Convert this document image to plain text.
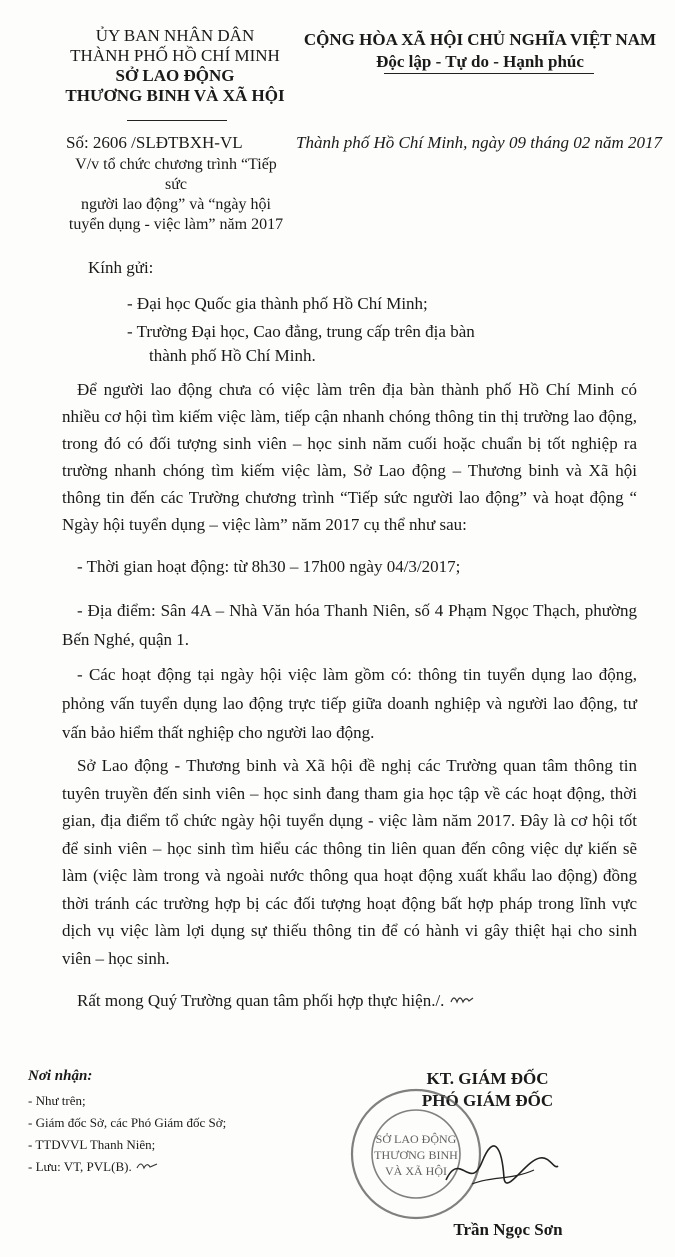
ỦY BAN NHÂN DÂN
THÀNH PHỐ HỒ CHÍ MINH
SỞ LAO ĐỘNG
THƯƠNG BINH VÀ XÃ HỘI
CỘNG HÒA XÃ HỘI CHỦ NGHĨA VIỆT NAM
Độc lập - Tự do - Hạnh phúc
Số: 2606 /SLĐTBXH-VL
V/v tổ chức chương trình “Tiếp sức
người lao động” và “ngày hội
tuyển dụng - việc làm” năm 2017
Thành phố Hồ Chí Minh, ngày 09 tháng 02 năm 2017
Kính gửi:

- Đại học Quốc gia thành phố Hồ Chí Minh;

- Trường Đại học, Cao đẳng, trung cấp trên địa bàn

thành phố Hồ Chí Minh.

Để người lao động chưa có việc làm trên địa bàn thành phố Hồ Chí Minh có nhiều cơ hội tìm kiếm việc làm, tiếp cận nhanh chóng thông tin thị trường lao động, trong đó có đối tượng sinh viên – học sinh năm cuối hoặc chuẩn bị tốt nghiệp ra trường nhanh chóng tìm kiếm việc làm, Sở Lao động – Thương binh và Xã hội thông tin đến các Trường chương trình “Tiếp sức người lao động” và hoạt động “ Ngày hội tuyển dụng – việc làm” năm 2017 cụ thể như sau:
- Thời gian hoạt động: từ 8h30 – 17h00 ngày 04/3/2017;
- Địa điểm: Sân 4A – Nhà Văn hóa Thanh Niên, số 4 Phạm Ngọc Thạch, phường Bến Nghé, quận 1.
- Các hoạt động tại ngày hội việc làm gồm có: thông tin tuyển dụng lao động, phỏng vấn tuyển dụng lao động trực tiếp giữa doanh nghiệp và người lao động, tư vấn bảo hiểm thất nghiệp cho người lao động.
Sở Lao động - Thương binh và Xã hội đề nghị các Trường quan tâm thông tin tuyên truyền đến sinh viên – học sinh đang tham gia học tập về các hoạt động, thời gian, địa điểm tổ chức ngày hội tuyển dụng - việc làm năm 2017. Đây là cơ hội tốt để sinh viên – học sinh tìm hiểu các thông tin liên quan đến công việc dự kiến sẽ làm (việc làm trong và ngoài nước thông qua hoạt động xuất khẩu lao động) đồng thời tránh các trường hợp bị các đối tượng hoạt động bất hợp pháp trong lĩnh vực dịch vụ việc làm lợi dụng sự thiếu thông tin để có hành vi gây thiệt hại cho sinh viên – học sinh.
Rất mong Quý Trường quan tâm phối hợp thực hiện./.
Nơi nhận:
- Như trên;
- Giám đốc Sở, các Phó Giám đốc Sở;
- TTDVVL Thanh Niên;
- Lưu: VT, PVL(B).
KT. GIÁM ĐỐC
PHÓ GIÁM ĐỐC
SỞ LAO ĐỘNG
THƯƠNG BINH
VÀ XÃ HỘI
Trần Ngọc Sơn
